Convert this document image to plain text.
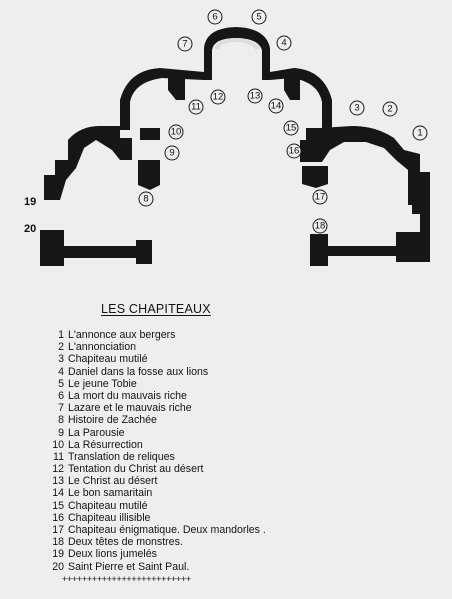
1
2
3
4
5
6
7
8
9
10
11
12	13
14
15
16
17
18
19
20
LES CHAPITEAUX
1 L'annonce aux bergers
2 L'annonciation
3 Chapiteau mutilé
4 Daniel dans la fosse aux lions
5 Le jeune Tobie
6 La mort du mauvais riche
7 Lazare et le mauvais riche
8 Histoire de Zachée
9 La Parousie
10 La Résurrection
11 Translation de reliques
12 Tentation du Christ au désert
13 Le Christ au désert
14 Le bon samaritain
15 Chapiteau mutilé
16 Chapiteau illisible
17 Chapiteau énigmatique. Deux mandorles .
18 Deux têtes de monstres.
19 Deux lions jumelés
20 Saint Pierre et Saint Paul.
++++++++++++++++++++++++++
